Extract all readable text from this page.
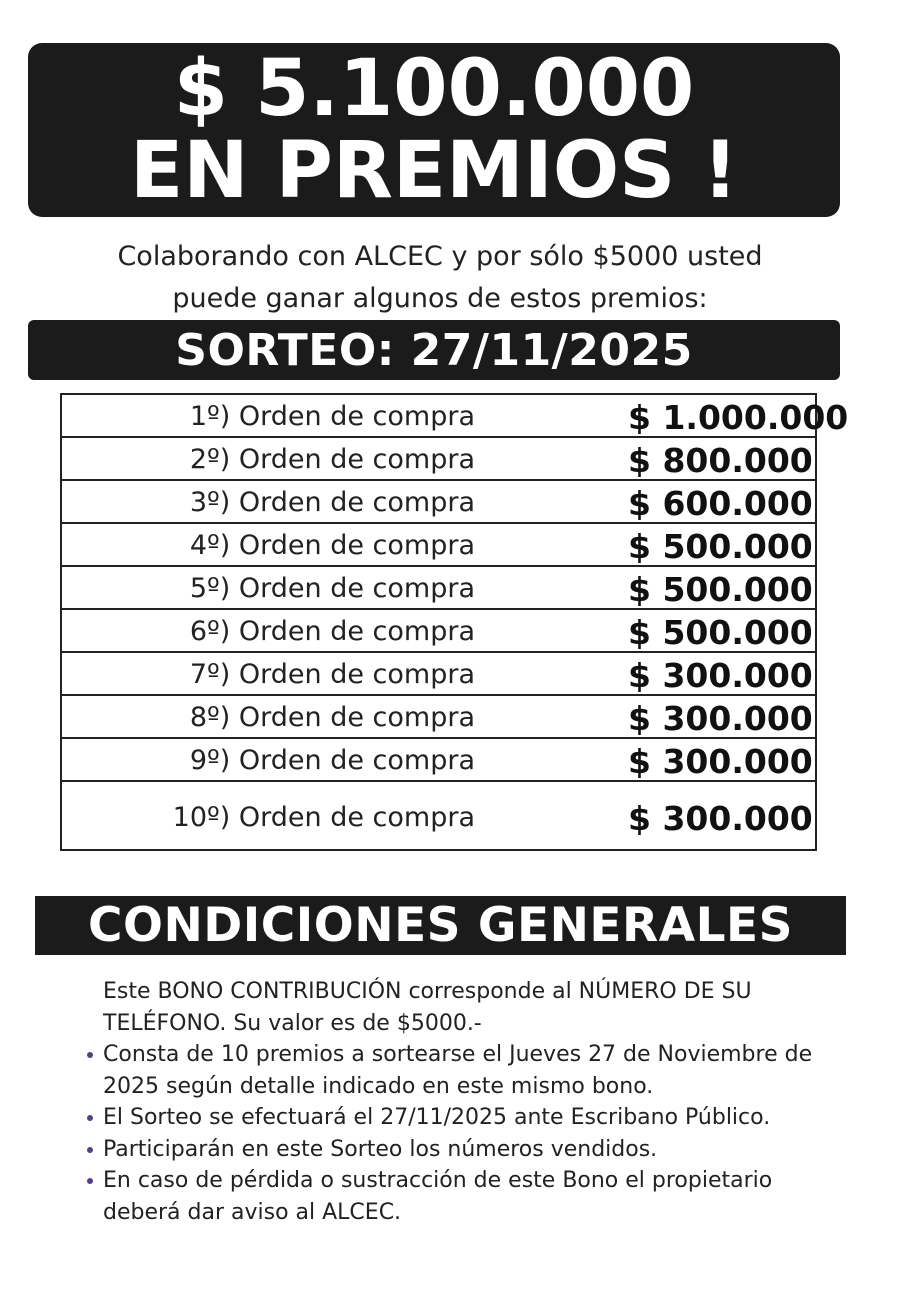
$ 5.100.000
EN PREMIOS !
Colaborando con ALCEC y por sólo $5000 usted
puede ganar algunos de estos premios:
SORTEO: 27/11/2025
1º) Orden de compra	$ 1.000.000
2º) Orden de compra	$ 800.000
3º) Orden de compra	$ 600.000
4º) Orden de compra	$ 500.000
5º) Orden de compra	$ 500.000
6º) Orden de compra	$ 500.000
7º) Orden de compra	$ 300.000
8º) Orden de compra	$ 300.000
9º) Orden de compra	$ 300.000
10º) Orden de compra	$ 300.000
CONDICIONES GENERALES
Este BONO CONTRIBUCIÓN corresponde al NÚMERO DE SU TELÉFONO. Su valor es de $5000.-
Consta de 10 premios a sortearse el Jueves 27 de Noviembre de 2025 según detalle indicado en este mismo bono.
El Sorteo se efectuará el 27/11/2025 ante Escribano Público.
Participarán en este Sorteo los números vendidos.
En caso de pérdida o sustracción de este Bono el propietario deberá dar aviso al ALCEC.
